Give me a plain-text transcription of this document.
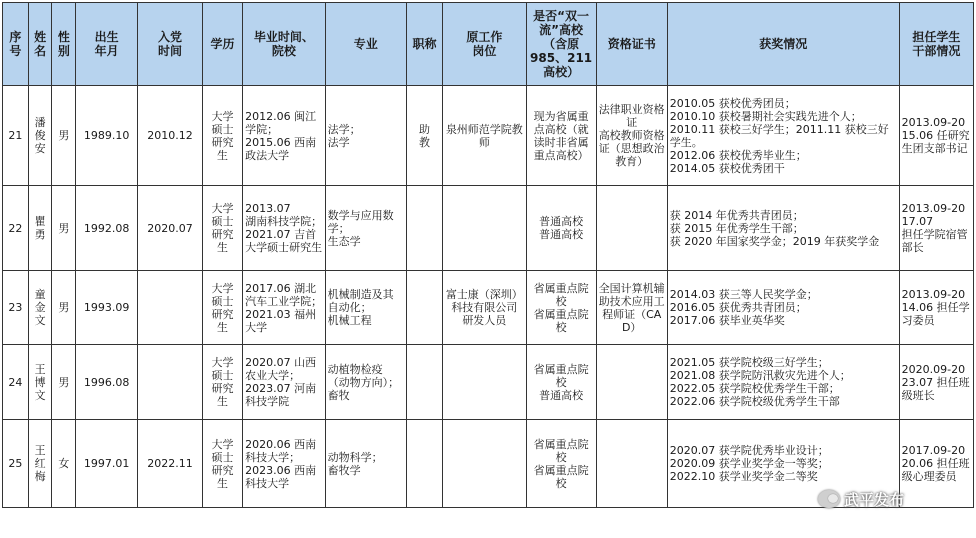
序号	姓名	性别	出生
年月	入党
时间	学历	毕业时间、
院校	专业	职称	原工作
岗位	是否“双一
流”高校
（含原
985、211
高校）	资格证书	获奖情况	担任学生
干部情况
21	潘
俊
安	男	1989.10	2010.12	大学
硕士
研究
生	2012.06 闽江学院；
2015.06 西南政法大学	法学；
法学	助
教	泉州师范学院教师	现为省属重点高校（就读时非省属重点高校）	法律职业资格证
高校教师资格证（思想政治教育）	2010.05 获校优秀团员；
2010.10 获校暑期社会实践先进个人；
2010.11 获校三好学生；2011.11 获校三好学生。
2012.06 获校优秀毕业生；
2014.05 获校优秀团干	2013.09-2015.06 任研究生团支部书记
22	瞿
勇	男	1992.08	2020.07	大学
硕士
研究
生	2013.07
湖南科技学院；
2021.07 吉首大学硕士研究生	数学与应用数学；
生态学			普通高校
普通高校		获 2014 年优秀共青团员；
获 2015 年优秀学生干部；
获 2020 年国家奖学金；2019 年获奖学金	2013.09-2017.07
担任学院宿管部长
23	童
金
文	男	1993.09		大学
硕士
研究
生	2017.06 湖北汽车工业学院；
2021.03 福州大学	机械制造及其自动化；
机械工程		富士康（深圳）科技有限公司 研发人员	省属重点院校
省属重点院校	全国计算机辅助技术应用工程师证（CAD）	2014.03 获三等人民奖学金；
2016.05 获优秀共青团员；
2017.06 获毕业英华奖	2013.09-2014.06 担任学习委员
24	王
博
文	男	1996.08		大学
硕士
研究
生	2020.07 山西农业大学；
2023.07 河南科技学院	动植物检疫（动物方向）；
畜牧			省属重点院校
普通高校		2021.05 获学院校级三好学生；
2021.08 获学院防汛救灾先进个人；
2022.05 获学院校优秀学生干部；
2022.06 获学院校级优秀学生干部	2020.09-2023.07 担任班级班长
25	王
红
梅	女	1997.01	2022.11	大学
硕士
研究
生	2020.06 西南科技大学；
2023.06 西南科技大学	动物科学；
畜牧学			省属重点院校
省属重点院校		2020.07 获学院优秀毕业设计；
2020.09 获学业奖学金一等奖；
2022.10 获学业奖学金二等奖	2017.09-2020.06 担任班级心理委员
武平发布
